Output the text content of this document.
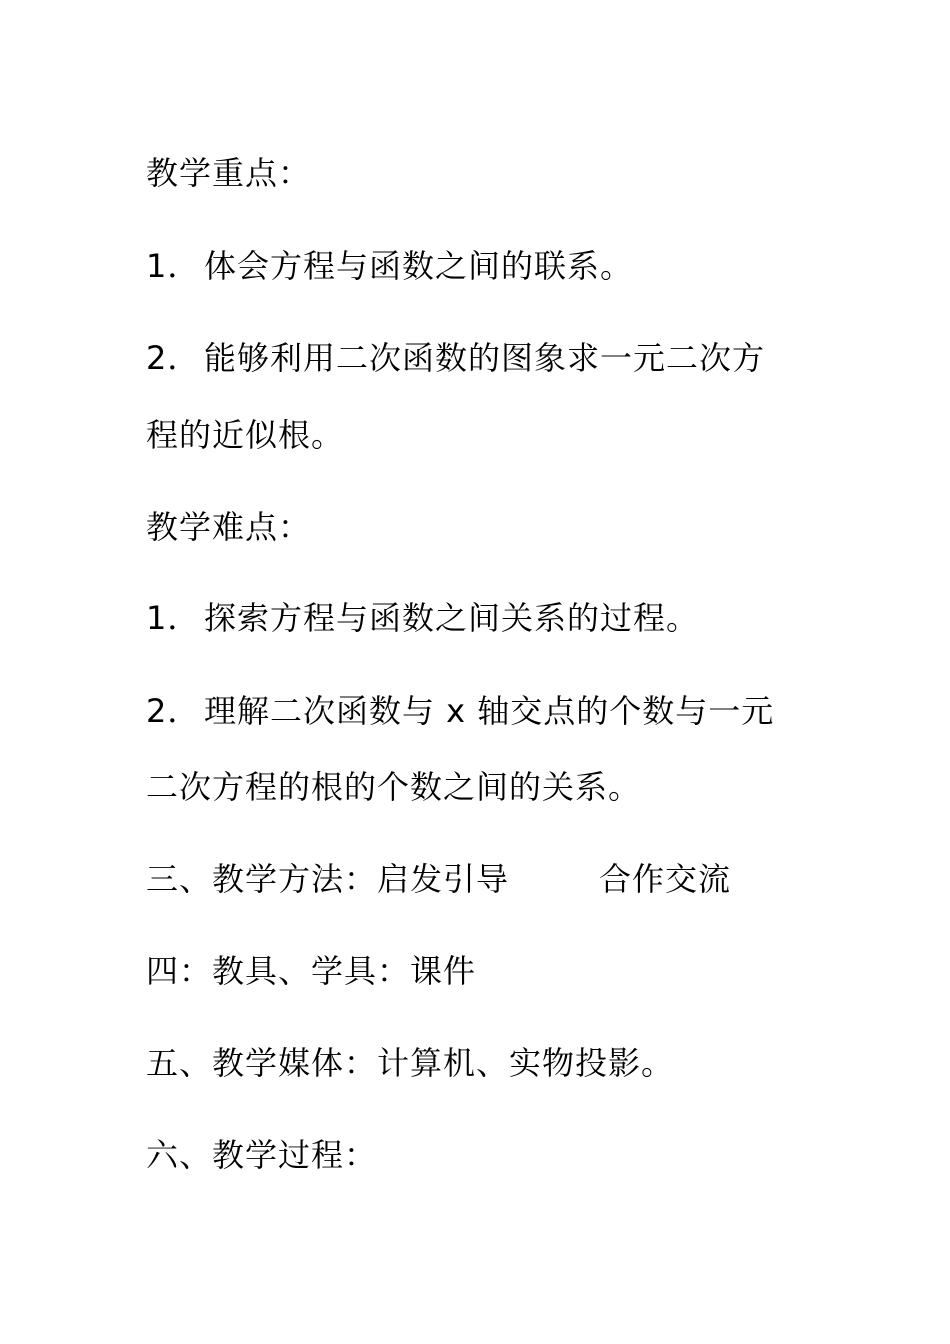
教学重点：
1． 体会方程与函数之间的联系。
2． 能够利用二次函数的图象求一元二次方
程的近似根。
教学难点：
1． 探索方程与函数之间关系的过程。
2． 理解二次函数与 x 轴交点的个数与一元
二次方程的根的个数之间的关系。
三、教学方法：启发引导	合作交流
四：教具、学具：课件
五、教学媒体：计算机、实物投影。
六、教学过程：
